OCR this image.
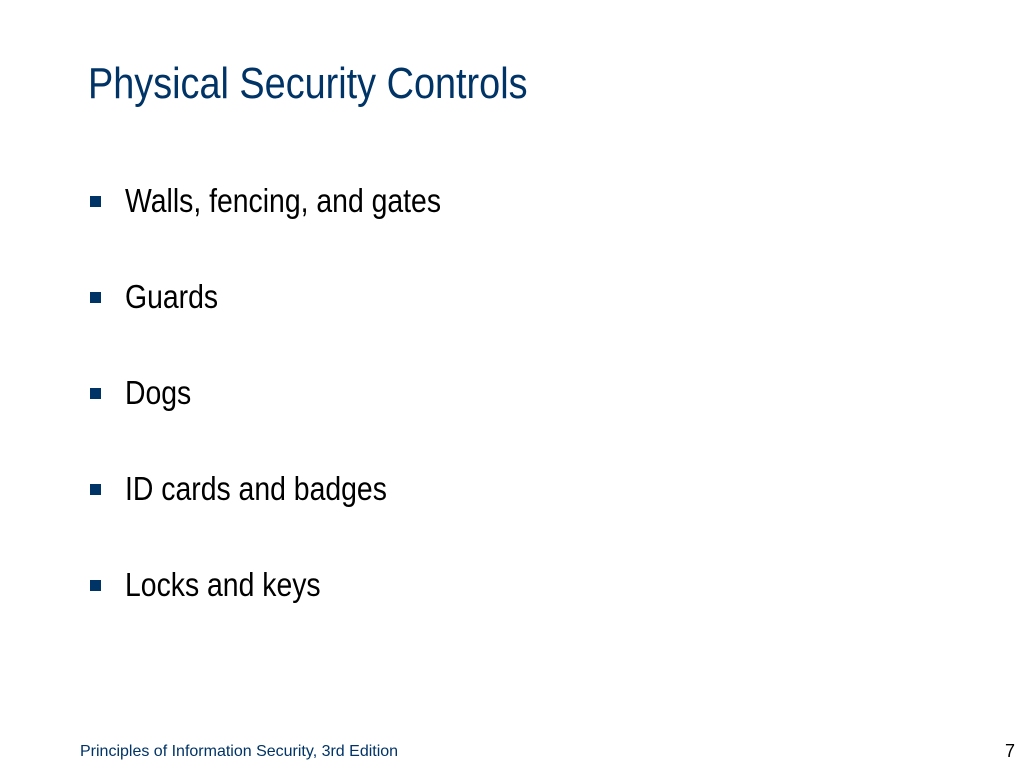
Physical Security Controls
Walls, fencing, and gates
Guards
Dogs
ID cards and badges
Locks and keys
Principles of Information Security, 3rd Edition	7
